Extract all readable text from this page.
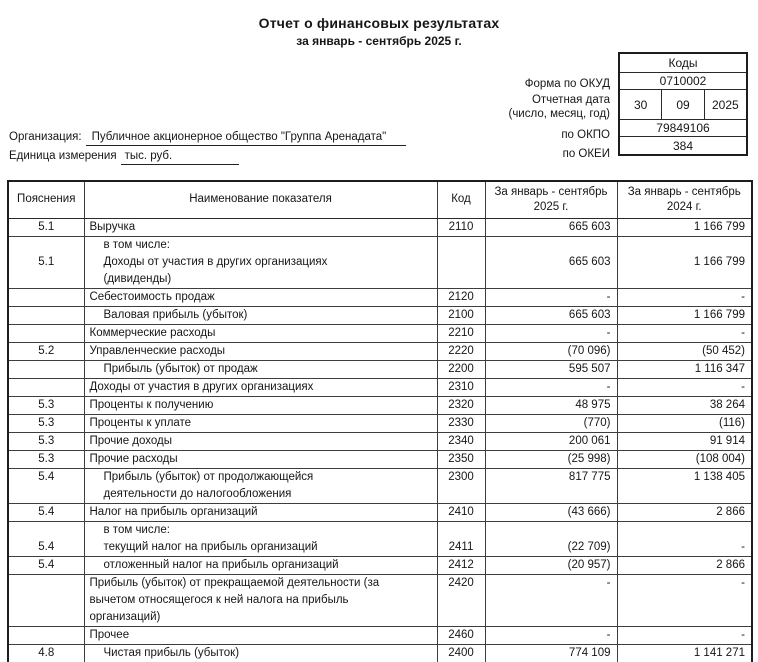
Отчет о финансовых результатах
за январь - сентябрь 2025 г.
Коды
0710002
30	09	2025
79849106
384
Форма по ОКУД
Отчетная дата
(число, месяц, год)
по ОКПО
по ОКЕИ
Организация: Публичное акционерное общество "Группа Аренадата"
Единица измерения тыс. руб.
Пояснения	Наименование показателя	Код	За январь - сентябрь 2025 г.	За январь - сентябрь 2024 г.
5.1	Выручка	2110	665 603	1 166 799
5.1	в том числе:
Доходы от участия в других организациях
(дивиденды)		665 603	1 166 799

	Себестоимость продаж	2120	-	-

	Валовая прибыль (убыток)	2100	665 603	1 166 799

	Коммерческие расходы	2210	-	-
5.2	Управленческие расходы	2220	(70 096)	(50 452)

	Прибыль (убыток) от продаж	2200	595 507	1 116 347

	Доходы от участия в других организациях	2310	-	-
5.3	Проценты к получению	2320	48 975	38 264
5.3	Проценты к уплате	2330	(770)	(116)
5.3	Прочие доходы	2340	200 061	91 914
5.3	Прочие расходы	2350	(25 998)	(108 004)
5.4	Прибыль (убыток) от продолжающейся
деятельности до налогообложения	2300	817 775	1 138 405
5.4	Налог на прибыль организаций	2410	(43 666)	2 866
5.4	в том числе:
текущий налог на прибыль организаций	2411	(22 709)	-
5.4	отложенный налог на прибыль организаций	2412	(20 957)	2 866

	Прибыль (убыток) от прекращаемой деятельности (за
вычетом относящегося к ней налога на прибыль
организаций)	2420	-	-

	Прочее	2460	-	-
4.8	Чистая прибыль (убыток)	2400	774 109	1 141 271
